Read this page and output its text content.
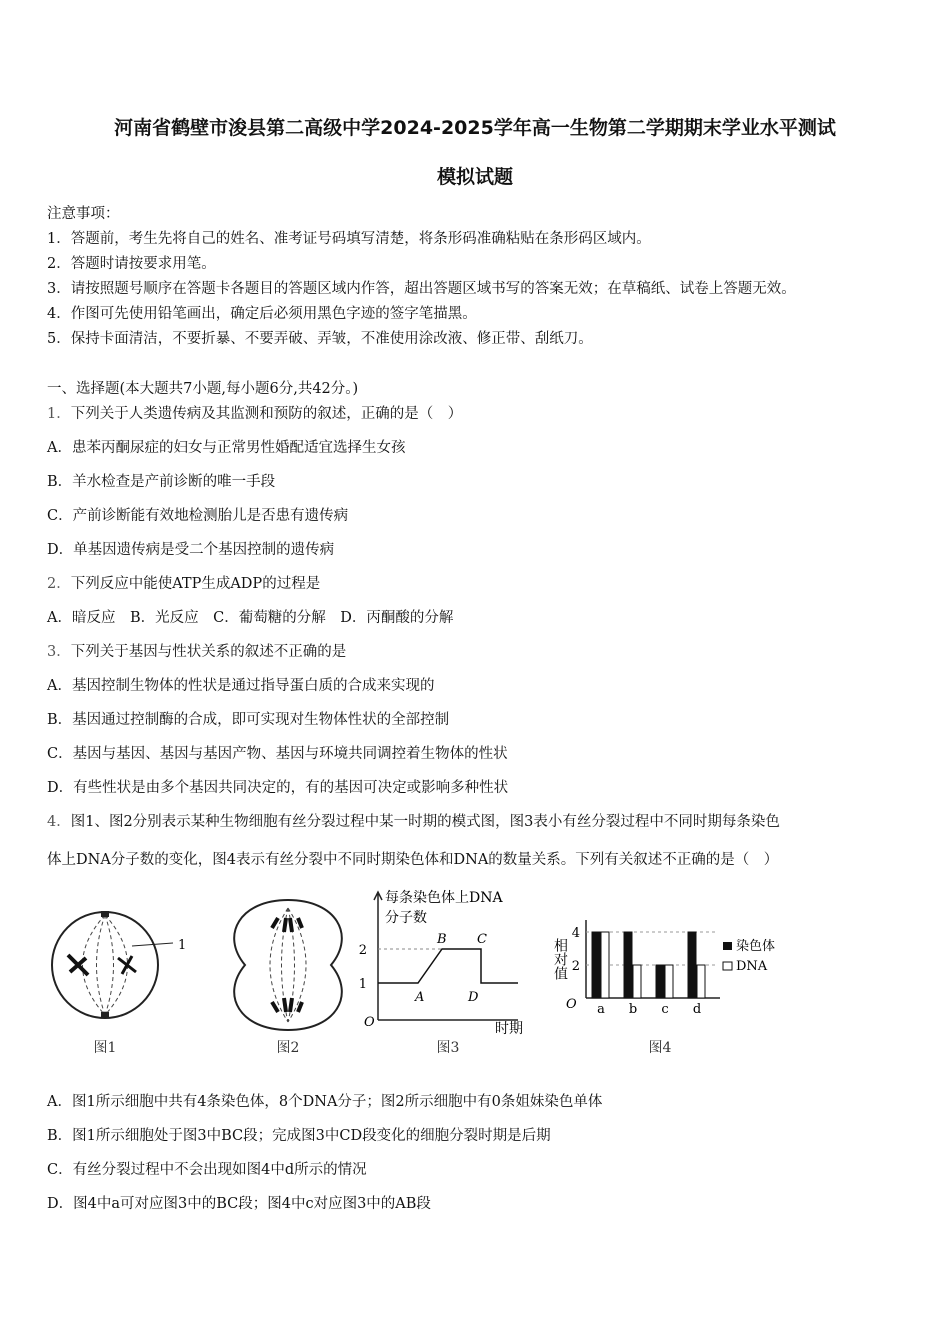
河南省鹤壁市浚县第二高级中学2024-2025学年高一生物第二学期期末学业水平测试
模拟试题
注意事项：
1．答题前，考生先将自己的姓名、准考证号码填写清楚，将条形码准确粘贴在条形码区域内。
2．答题时请按要求用笔。
3．请按照题号顺序在答题卡各题目的答题区域内作答，超出答题区域书写的答案无效；在草稿纸、试卷上答题无效。
4．作图可先使用铅笔画出，确定后必须用黑色字迹的签字笔描黑。
5．保持卡面清洁，不要折暴、不要弄破、弄皱，不准使用涂改液、修正带、刮纸刀。
一、选择题(本大题共7小题,每小题6分,共42分。)
1．下列关于人类遗传病及其监测和预防的叙述，正确的是（　）
A．患苯丙酮尿症的妇女与正常男性婚配适宜选择生女孩
B．羊水检查是产前诊断的唯一手段
C．产前诊断能有效地检测胎儿是否患有遗传病
D．单基因遗传病是受二个基因控制的遗传病
2．下列反应中能使ATP生成ADP的过程是
A．暗反应　B．光反应　C．葡萄糖的分解　D．丙酮酸的分解
3．下列关于基因与性状关系的叙述不正确的是
A．基因控制生物体的性状是通过指导蛋白质的合成来实现的
B．基因通过控制酶的合成，即可实现对生物体性状的全部控制
C．基因与基因、基因与基因产物、基因与环境共同调控着生物体的性状
D．有些性状是由多个基因共同决定的，有的基因可决定或影响多种性状
4．图1、图2分别表示某种生物细胞有丝分裂过程中某一时期的模式图，图3表小有丝分裂过程中不同时期每条染色
体上DNA分子数的变化，图4表示有丝分裂中不同时期染色体和DNA的数量关系。下列有关叙述不正确的是（　）
1
图1	图2
每条染色体上DNA
分子数
2
1
A
B C
D
O	时期
图3
相对值
O
2
4
a b c d
染色体
DNA
图4
A．图1所示细胞中共有4条染色体，8个DNA分子；图2所示细胞中有0条姐妹染色单体
B．图1所示细胞处于图3中BC段；完成图3中CD段变化的细胞分裂时期是后期
C．有丝分裂过程中不会出现如图4中d所示的情况
D．图4中a可对应图3中的BC段；图4中c对应图3中的AB段
